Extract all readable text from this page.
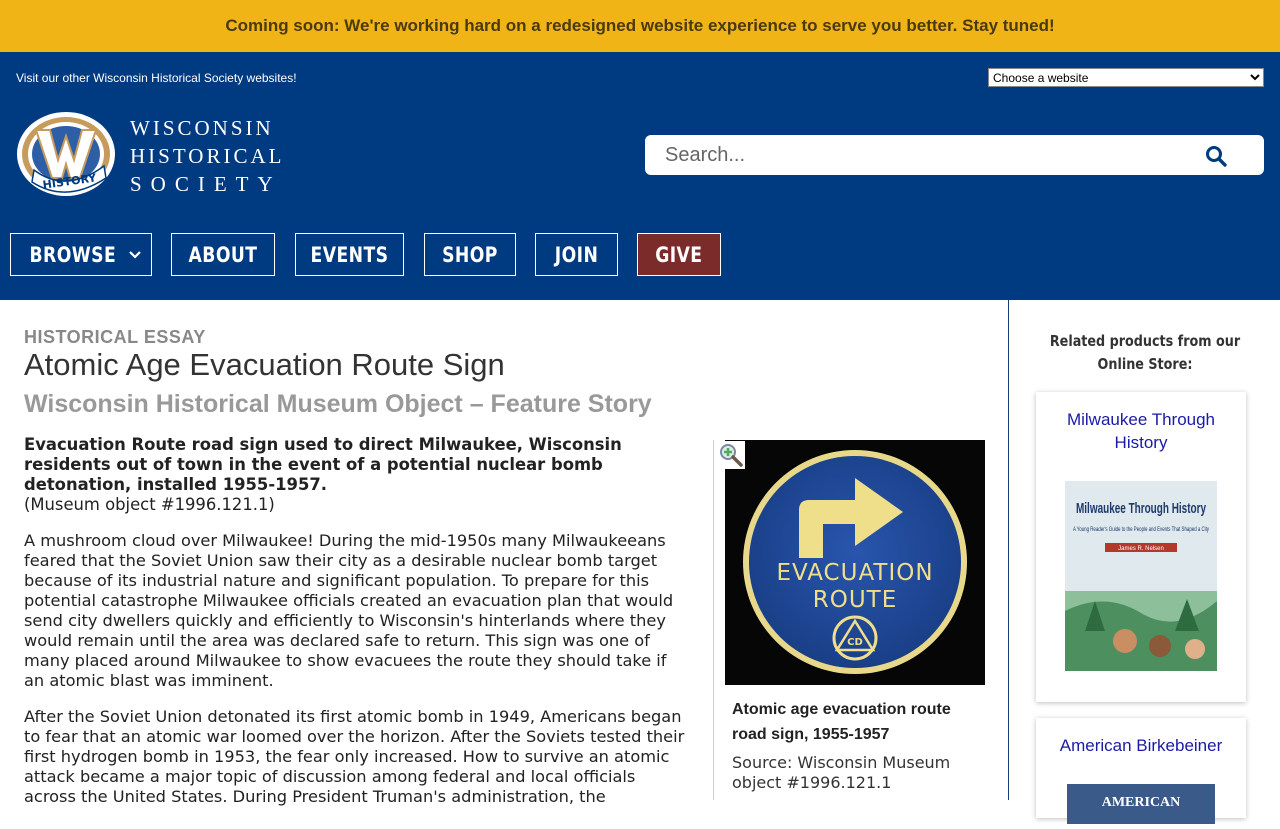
Coming soon: We're working hard on a redesigned website experience to serve you better. Stay tuned!
Visit our other Wisconsin Historical Society websites!
Choose a website
HISTORY
WISCONSIN
HISTORICAL
SOCIETY
Search...
BROWSE	ABOUT	EVENTS	SHOP	JOIN	GIVE
HISTORICAL ESSAY
Atomic Age Evacuation Route Sign
Wisconsin Historical Museum Object – Feature Story
Evacuation Route road sign used to direct Milwaukee, Wisconsin residents out of town in the event of a potential nuclear bomb detonation, installed 1955-1957.
(Museum object #1996.121.1)

A mushroom cloud over Milwaukee! During the mid-1950s many Milwaukeeans feared that the Soviet Union saw their city as a desirable nuclear bomb target because of its industrial nature and significant population. To prepare for this potential catastrophe Milwaukee officials created an evacuation plan that would send city dwellers quickly and efficiently to Wisconsin's hinterlands where they would remain until the area was declared safe to return. This sign was one of many placed around Milwaukee to show evacuees the route they should take if an atomic blast was imminent.

After the Soviet Union detonated its first atomic bomb in 1949, Americans began to fear that an atomic war loomed over the horizon. After the Soviets tested their first hydrogen bomb in 1953, the fear only increased. How to survive an atomic attack became a major topic of discussion among federal and local officials across the United States. During President Truman's administration, the

EVACUATION
ROUTE
CD
Atomic age evacuation route road sign, 1955-1957
Source: Wisconsin Museum object #1996.121.1
Related products from our Online Store:
Milwaukee Through History
Milwaukee Through History
A Young Reader's Guide to the People and Events That Shaped a City
James R. Nelsen
American Birkebeiner
AMERICAN
